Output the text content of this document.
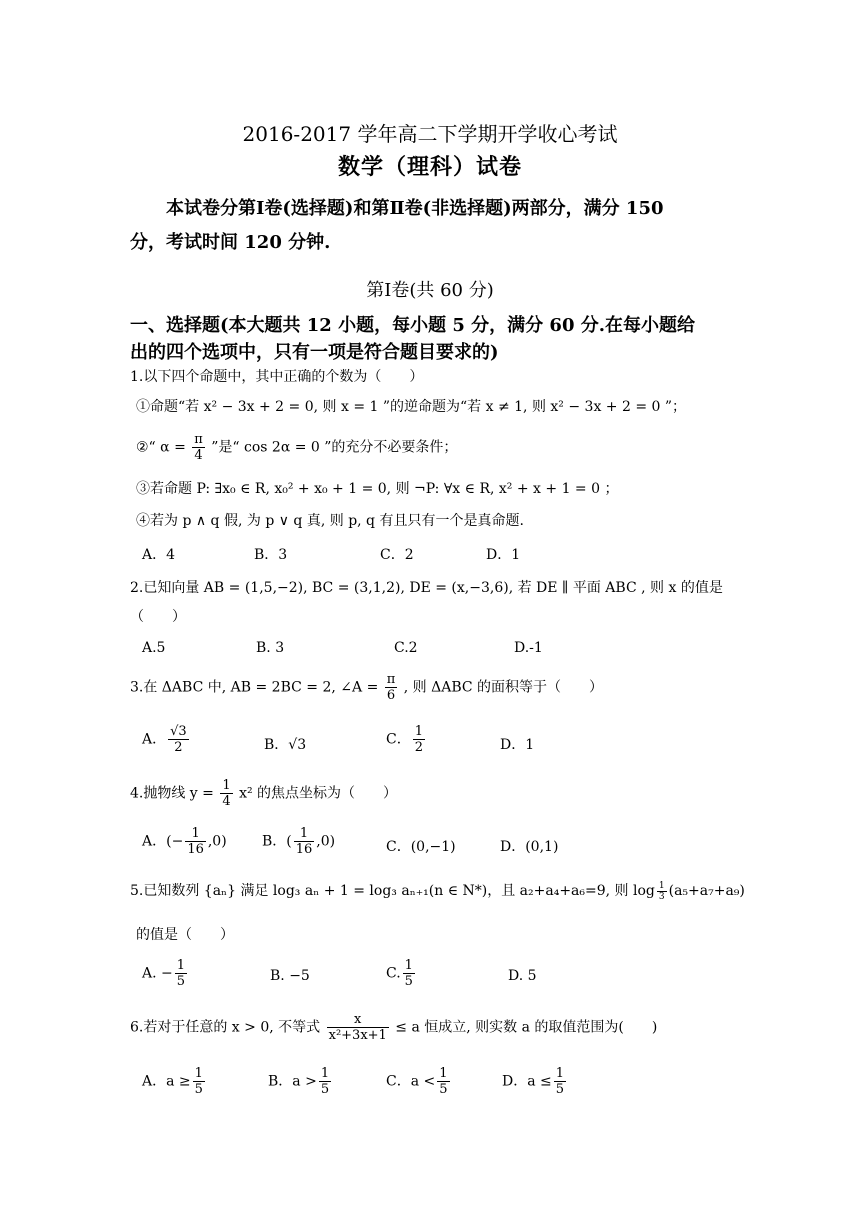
2016-2017 学年高二下学期开学收心考试
数学（理科）试卷
本试卷分第Ⅰ卷(选择题)和第Ⅱ卷(非选择题)两部分，满分 150
分，考试时间 120 分钟.
第Ⅰ卷(共 60 分)
一、选择题(本大题共 12 小题，每小题 5 分，满分 60 分.在每小题给
出的四个选项中，只有一项是符合题目要求的)
1.以下四个命题中，其中正确的个数为（　　）
①命题“若 x² − 3x + 2 = 0, 则 x = 1 ”的逆命题为“若 x ≠ 1, 则 x² − 3x + 2 = 0 ”；
②“ $\alpha = \frac{\pi}{4}$ ”是“ cos 2α = 0 ”的充分不必要条件；
③若命题 P: ∃x₀ ∈ R, x₀² + x₀ + 1 = 0, 则 ¬P: ∀x ∈ R, x² + x + 1 = 0 ；
④若为 p ∧ q 假, 为 p ∨ q 真, 则 p, q 有且只有一个是真命题.
A．4	B．3	C．2	D．1
2.已知向量 AB = (1,5,−2), BC = (3,1,2), DE = (x,−3,6), 若 DE ∥ 平面 ABC , 则 x 的值是
（　　）
A.5	B. 3	C.2	D.-1
3.在 ΔABC 中, AB = 2BC = 2, ∠A = $\frac{\pi}{6}$ , 则 ΔABC 的面积等于（　　）
A． $\frac{√3}{2}$	B．√3	C． $\frac{1}{2}$	D．1
4.抛物线 $y = \frac{1}{4} x^2$ 的焦点坐标为（　　）
A．(− $\frac{1}{16} ,0$)	B．( $\frac{1}{16} ,0$)	C．(0,−1)	D．(0,1)
5.已知数列 {aₙ} 满足 log₃ aₙ + 1 = log₃ aₙ₊₁(n ∈ N*)，且 a₂+a₄+a₆=9, 则 $\log \frac{1}{3} (a_5+a_7+a_9)$
的值是（　　）
A. − $\frac{1}{5}$	B. −5	C. $\frac{1}{5}$	D. 5
6.若对于任意的 x > 0, 不等式 $\frac{x}{\text{x²+3x+1}} \le a$ 恒成立, 则实数 a 的取值范围为(　　)
A．$a \ge \frac{1}{5}$	B．$a > \frac{1}{5}$	C．$a < \frac{1}{5}$	D．$a \le \frac{1}{5}$
